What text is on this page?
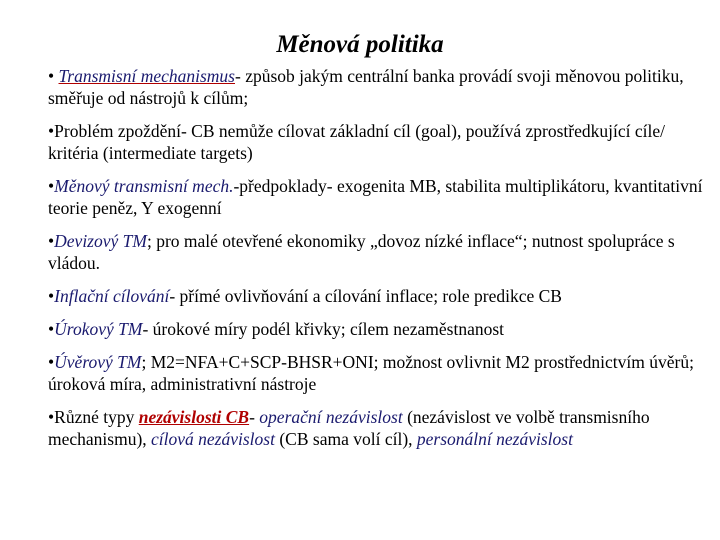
Měnová politika
• Transmisní mechanismus- způsob jakým centrální banka provádí svoji měnovou politiku, směřuje od nástrojů k cílům;
•Problém zpoždění- CB nemůže cílovat základní cíl (goal), používá zprostředkující cíle/ kritéria (intermediate targets)
•Měnový transmisní mech.-předpoklady- exogenita MB, stabilita multiplikátoru, kvantitativní teorie peněz, Y exogenní
•Devizový TM; pro malé otevřené ekonomiky „dovoz nízké inflace“; nutnost spolupráce s vládou.
•Inflační cílování- přímé ovlivňování a cílování inflace; role predikce CB
•Úrokový TM- úrokové míry podél křivky; cílem nezaměstnanost
•Úvěrový TM; M2=NFA+C+SCP-BHSR+ONI; možnost ovlivnit M2 prostřednictvím úvěrů; úroková míra, administrativní nástroje
•Různé typy nezávislosti CB- operační nezávislost (nezávislost ve volbě transmisního mechanismu), cílová nezávislost (CB sama volí cíl), personální nezávislost
